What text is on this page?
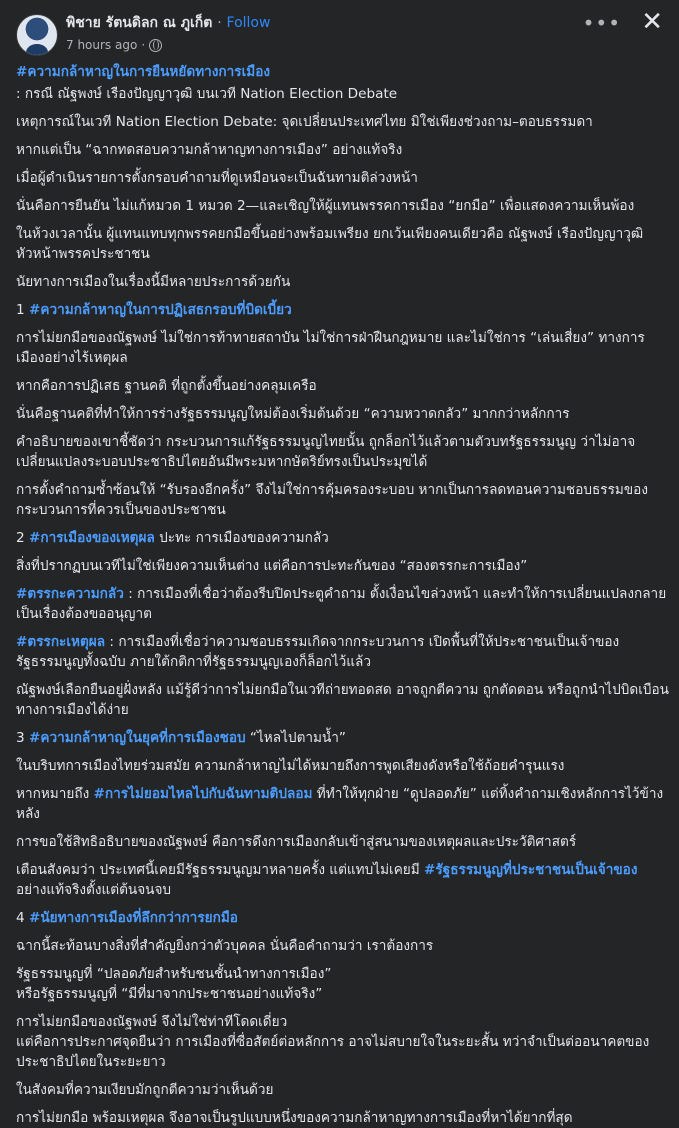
พิชาย รัตนดิลก ณ ภูเก็ต · Follow
7 hours ago ·
••• ✕
#ความกล้าหาญในการยืนหยัดทางการเมือง
: กรณี ณัฐพงษ์ เรืองปัญญาวุฒิ บนเวที Nation Election Debate
เหตุการณ์ในเวที Nation Election Debate: จุดเปลี่ยนประเทศไทย มิใช่เพียงช่วงถาม–ตอบธรรมดา
หากแต่เป็น “ฉากทดสอบความกล้าหาญทางการเมือง” อย่างแท้จริง
เมื่อผู้ดำเนินรายการตั้งกรอบคำถามที่ดูเหมือนจะเป็นฉันทามติล่วงหน้า
นั่นคือการยืนยัน ไม่แก้หมวด 1 หมวด 2—และเชิญให้ผู้แทนพรรคการเมือง “ยกมือ” เพื่อแสดงความเห็นพ้อง
ในห้วงเวลานั้น ผู้แทนแทบทุกพรรคยกมือขึ้นอย่างพร้อมเพรียง ยกเว้นเพียงคนเดียวคือ ณัฐพงษ์ เรืองปัญญาวุฒิ หัวหน้าพรรคประชาชน
นัยทางการเมืองในเรื่องนี้มีหลายประการด้วยกัน
1 #ความกล้าหาญในการปฏิเสธกรอบที่บิดเบี้ยว
การไม่ยกมือของณัฐพงษ์ ไม่ใช่การท้าทายสถาบัน ไม่ใช่การฝ่าฝืนกฎหมาย และไม่ใช่การ “เล่นเสี่ยง” ทางการเมืองอย่างไร้เหตุผล
หากคือการปฏิเสธ ฐานคติ ที่ถูกตั้งขึ้นอย่างคลุมเครือ
นั่นคือฐานคติที่ทำให้การร่างรัฐธรรมนูญใหม่ต้องเริ่มต้นด้วย “ความหวาดกลัว” มากกว่าหลักการ
คำอธิบายของเขาชี้ชัดว่า กระบวนการแก้รัฐธรรมนูญไทยนั้น ถูกล็อกไว้แล้วตามตัวบทรัฐธรรมนูญ ว่าไม่อาจเปลี่ยนแปลงระบอบประชาธิปไตยอันมีพระมหากษัตริย์ทรงเป็นประมุขได้
การตั้งคำถามซ้ำซ้อนให้ “รับรองอีกครั้ง” จึงไม่ใช่การคุ้มครองระบอบ หากเป็นการลดทอนความชอบธรรมของกระบวนการที่ควรเป็นของประชาชน
2 #การเมืองของเหตุผล ปะทะ การเมืองของความกลัว
สิ่งที่ปรากฏบนเวทีไม่ใช่เพียงความเห็นต่าง แต่คือการปะทะกันของ “สองตรรกะการเมือง”
#ตรรกะความกลัว : การเมืองที่เชื่อว่าต้องรีบปิดประตูคำถาม ตั้งเงื่อนไขล่วงหน้า และทำให้การเปลี่ยนแปลงกลายเป็นเรื่องต้องขออนุญาต
#ตรรกะเหตุผล : การเมืองที่เชื่อว่าความชอบธรรมเกิดจากกระบวนการ เปิดพื้นที่ให้ประชาชนเป็นเจ้าของรัฐธรรมนูญทั้งฉบับ ภายใต้กติกาที่รัฐธรรมนูญเองก็ล็อกไว้แล้ว
ณัฐพงษ์เลือกยืนอยู่ฝั่งหลัง แม้รู้ดีว่าการไม่ยกมือในเวทีถ่ายทอดสด อาจถูกตีความ ถูกตัดตอน หรือถูกนำไปบิดเบือนทางการเมืองได้ง่าย
3 #ความกล้าหาญในยุคที่การเมืองชอบ “ไหลไปตามน้ำ”
ในบริบทการเมืองไทยร่วมสมัย ความกล้าหาญไม่ได้หมายถึงการพูดเสียงดังหรือใช้ถ้อยคำรุนแรง
หากหมายถึง #การไม่ยอมไหลไปกับฉันทามติปลอม ที่ทำให้ทุกฝ่าย “ดูปลอดภัย” แต่ทิ้งคำถามเชิงหลักการไว้ข้างหลัง
การขอใช้สิทธิอธิบายของณัฐพงษ์ คือการดึงการเมืองกลับเข้าสู่สนามของเหตุผลและประวัติศาสตร์
เตือนสังคมว่า ประเทศนี้เคยมีรัฐธรรมนูญมาหลายครั้ง แต่แทบไม่เคยมี #รัฐธรรมนูญที่ประชาชนเป็นเจ้าของ อย่างแท้จริงตั้งแต่ต้นจนจบ
4 #นัยทางการเมืองที่ลึกกว่าการยกมือ
ฉากนี้สะท้อนบางสิ่งที่สำคัญยิ่งกว่าตัวบุคคล นั่นคือคำถามว่า เราต้องการ
รัฐธรรมนูญที่ “ปลอดภัยสำหรับชนชั้นนำทางการเมือง”
หรือรัฐธรรมนูญที่ “มีที่มาจากประชาชนอย่างแท้จริง”
การไม่ยกมือของณัฐพงษ์ จึงไม่ใช่ท่าทีโดดเดี่ยว
แต่คือการประกาศจุดยืนว่า การเมืองที่ซื่อสัตย์ต่อหลักการ อาจไม่สบายใจในระยะสั้น ทว่าจำเป็นต่ออนาคตของประชาธิปไตยในระยะยาว
ในสังคมที่ความเงียบมักถูกตีความว่าเห็นด้วย
การไม่ยกมือ พร้อมเหตุผล จึงอาจเป็นรูปแบบหนึ่งของความกล้าหาญทางการเมืองที่หาได้ยากที่สุด
